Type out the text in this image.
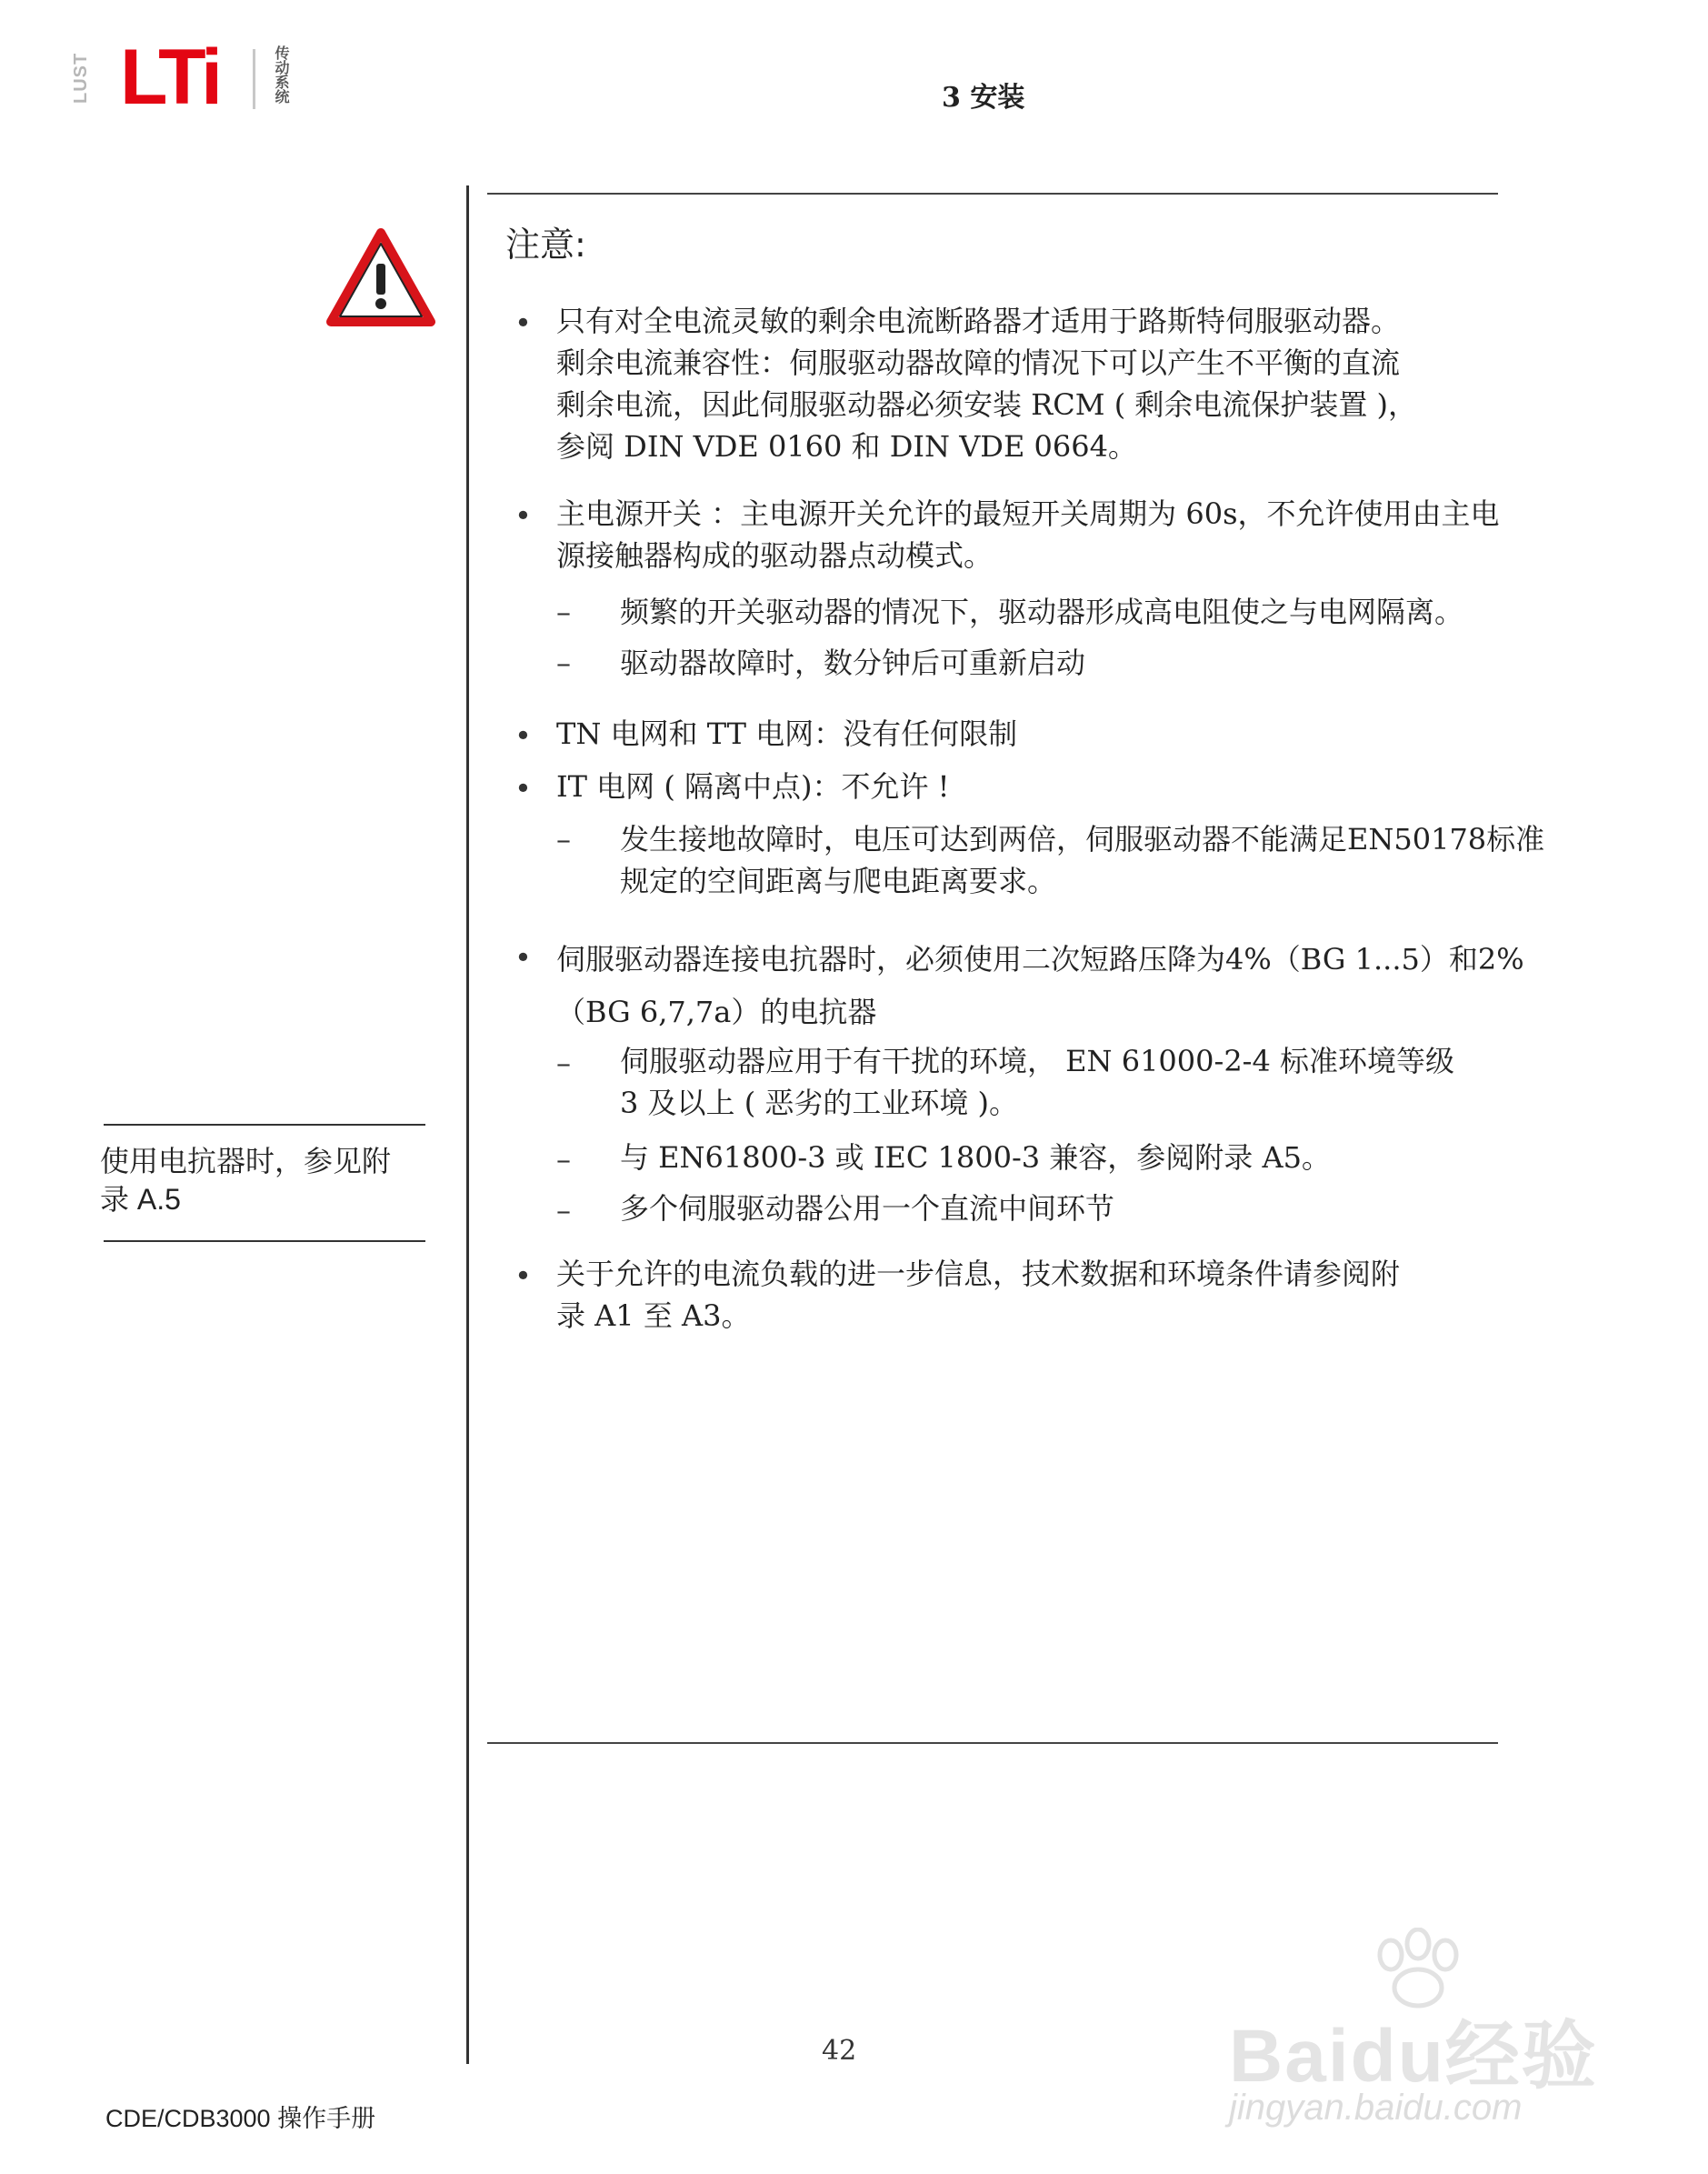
LUST LTi	传动系统	3 安装
使用电抗器时，参见附
录 A.5
注意:
• 只有对全电流灵敏的剩余电流断路器才适用于路斯特伺服驱动器。
剩余电流兼容性：伺服驱动器故障的情况下可以产生不平衡的直流
剩余电流，因此伺服驱动器必须安装 RCM ( 剩余电流保护装置 )，
参阅 DIN VDE 0160 和 DIN VDE 0664。
• 主电源开关 ：主电源开关允许的最短开关周期为 60s，不允许使用由主电
源接触器构成的驱动器点动模式。
– 频繁的开关驱动器的情况下，驱动器形成高电阻使之与电网隔离。
– 驱动器故障时，数分钟后可重新启动
• TN 电网和 TT 电网：没有任何限制
• IT 电网 ( 隔离中点)：不允许 !
– 发生接地故障时，电压可达到两倍，伺服驱动器不能满足EN50178标准
规定的空间距离与爬电距离要求。
• 伺服驱动器连接电抗器时，必须使用二次短路压降为4%（BG 1...5）和2%
（BG 6,7,7a）的电抗器
– 伺服驱动器应用于有干扰的环境， EN 61000-2-4 标准环境等级
3 及以上 ( 恶劣的工业环境 )。
– 与 EN61800-3 或 IEC 1800-3 兼容，参阅附录 A5。
– 多个伺服驱动器公用一个直流中间环节
• 关于允许的电流负载的进一步信息，技术数据和环境条件请参阅附
录 A1 至 A3。
42
CDE/CDB3000 操作手册
Baidu经验
jingyan.baidu.com
